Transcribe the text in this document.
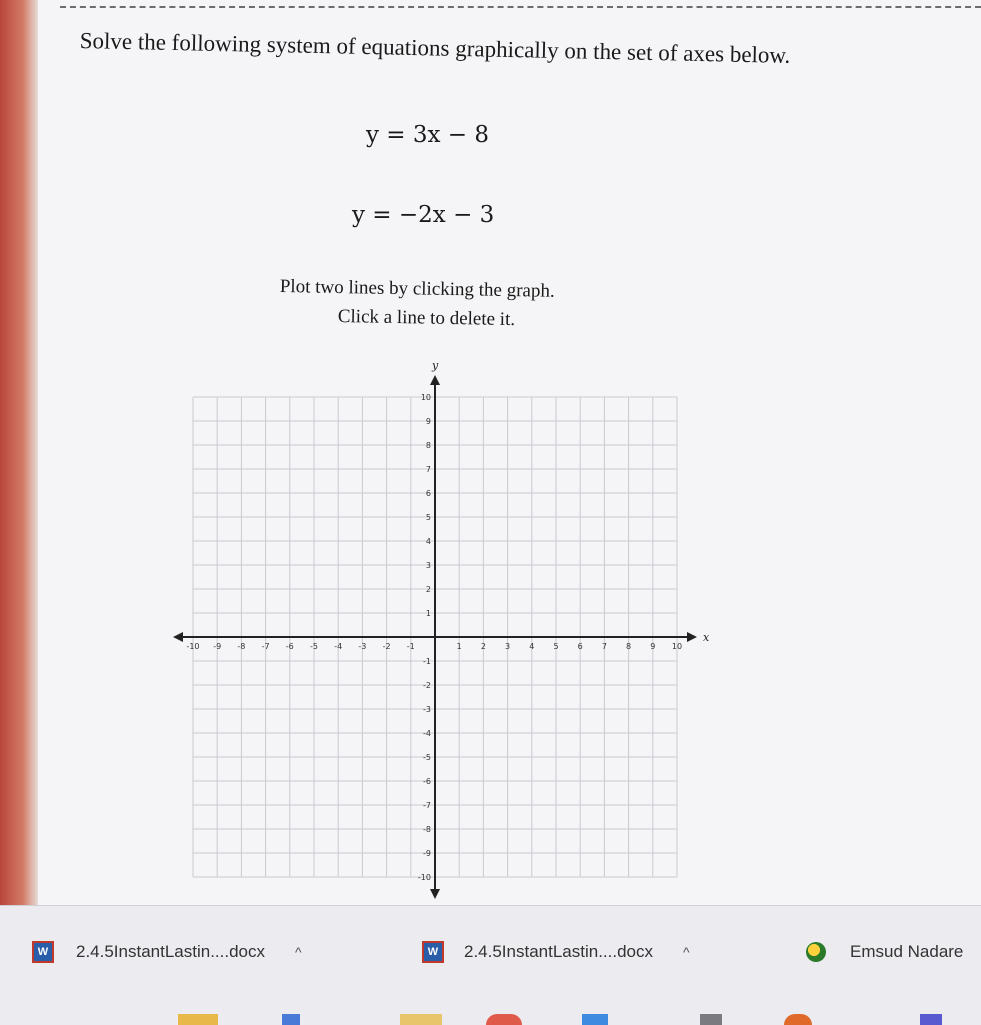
Solve the following system of equations graphically on the set of axes below.
y = 3x − 8
y = −2x − 3
Plot two lines by clicking the graph.
Click a line to delete it.
x
y
-10 -9 -8 -7 -6 -5 -4 -3 -2 -1	1 2 3 4 5 6 7 8 9 10
10
9
8
7
6
5
4
3
2
1
-1
-2
-3
-4
-5
-6
-7
-8
-9
-10
W	2.4.5InstantLastin....docx ^	W	2.4.5InstantLastin....docx ^	Emsud Nadare
